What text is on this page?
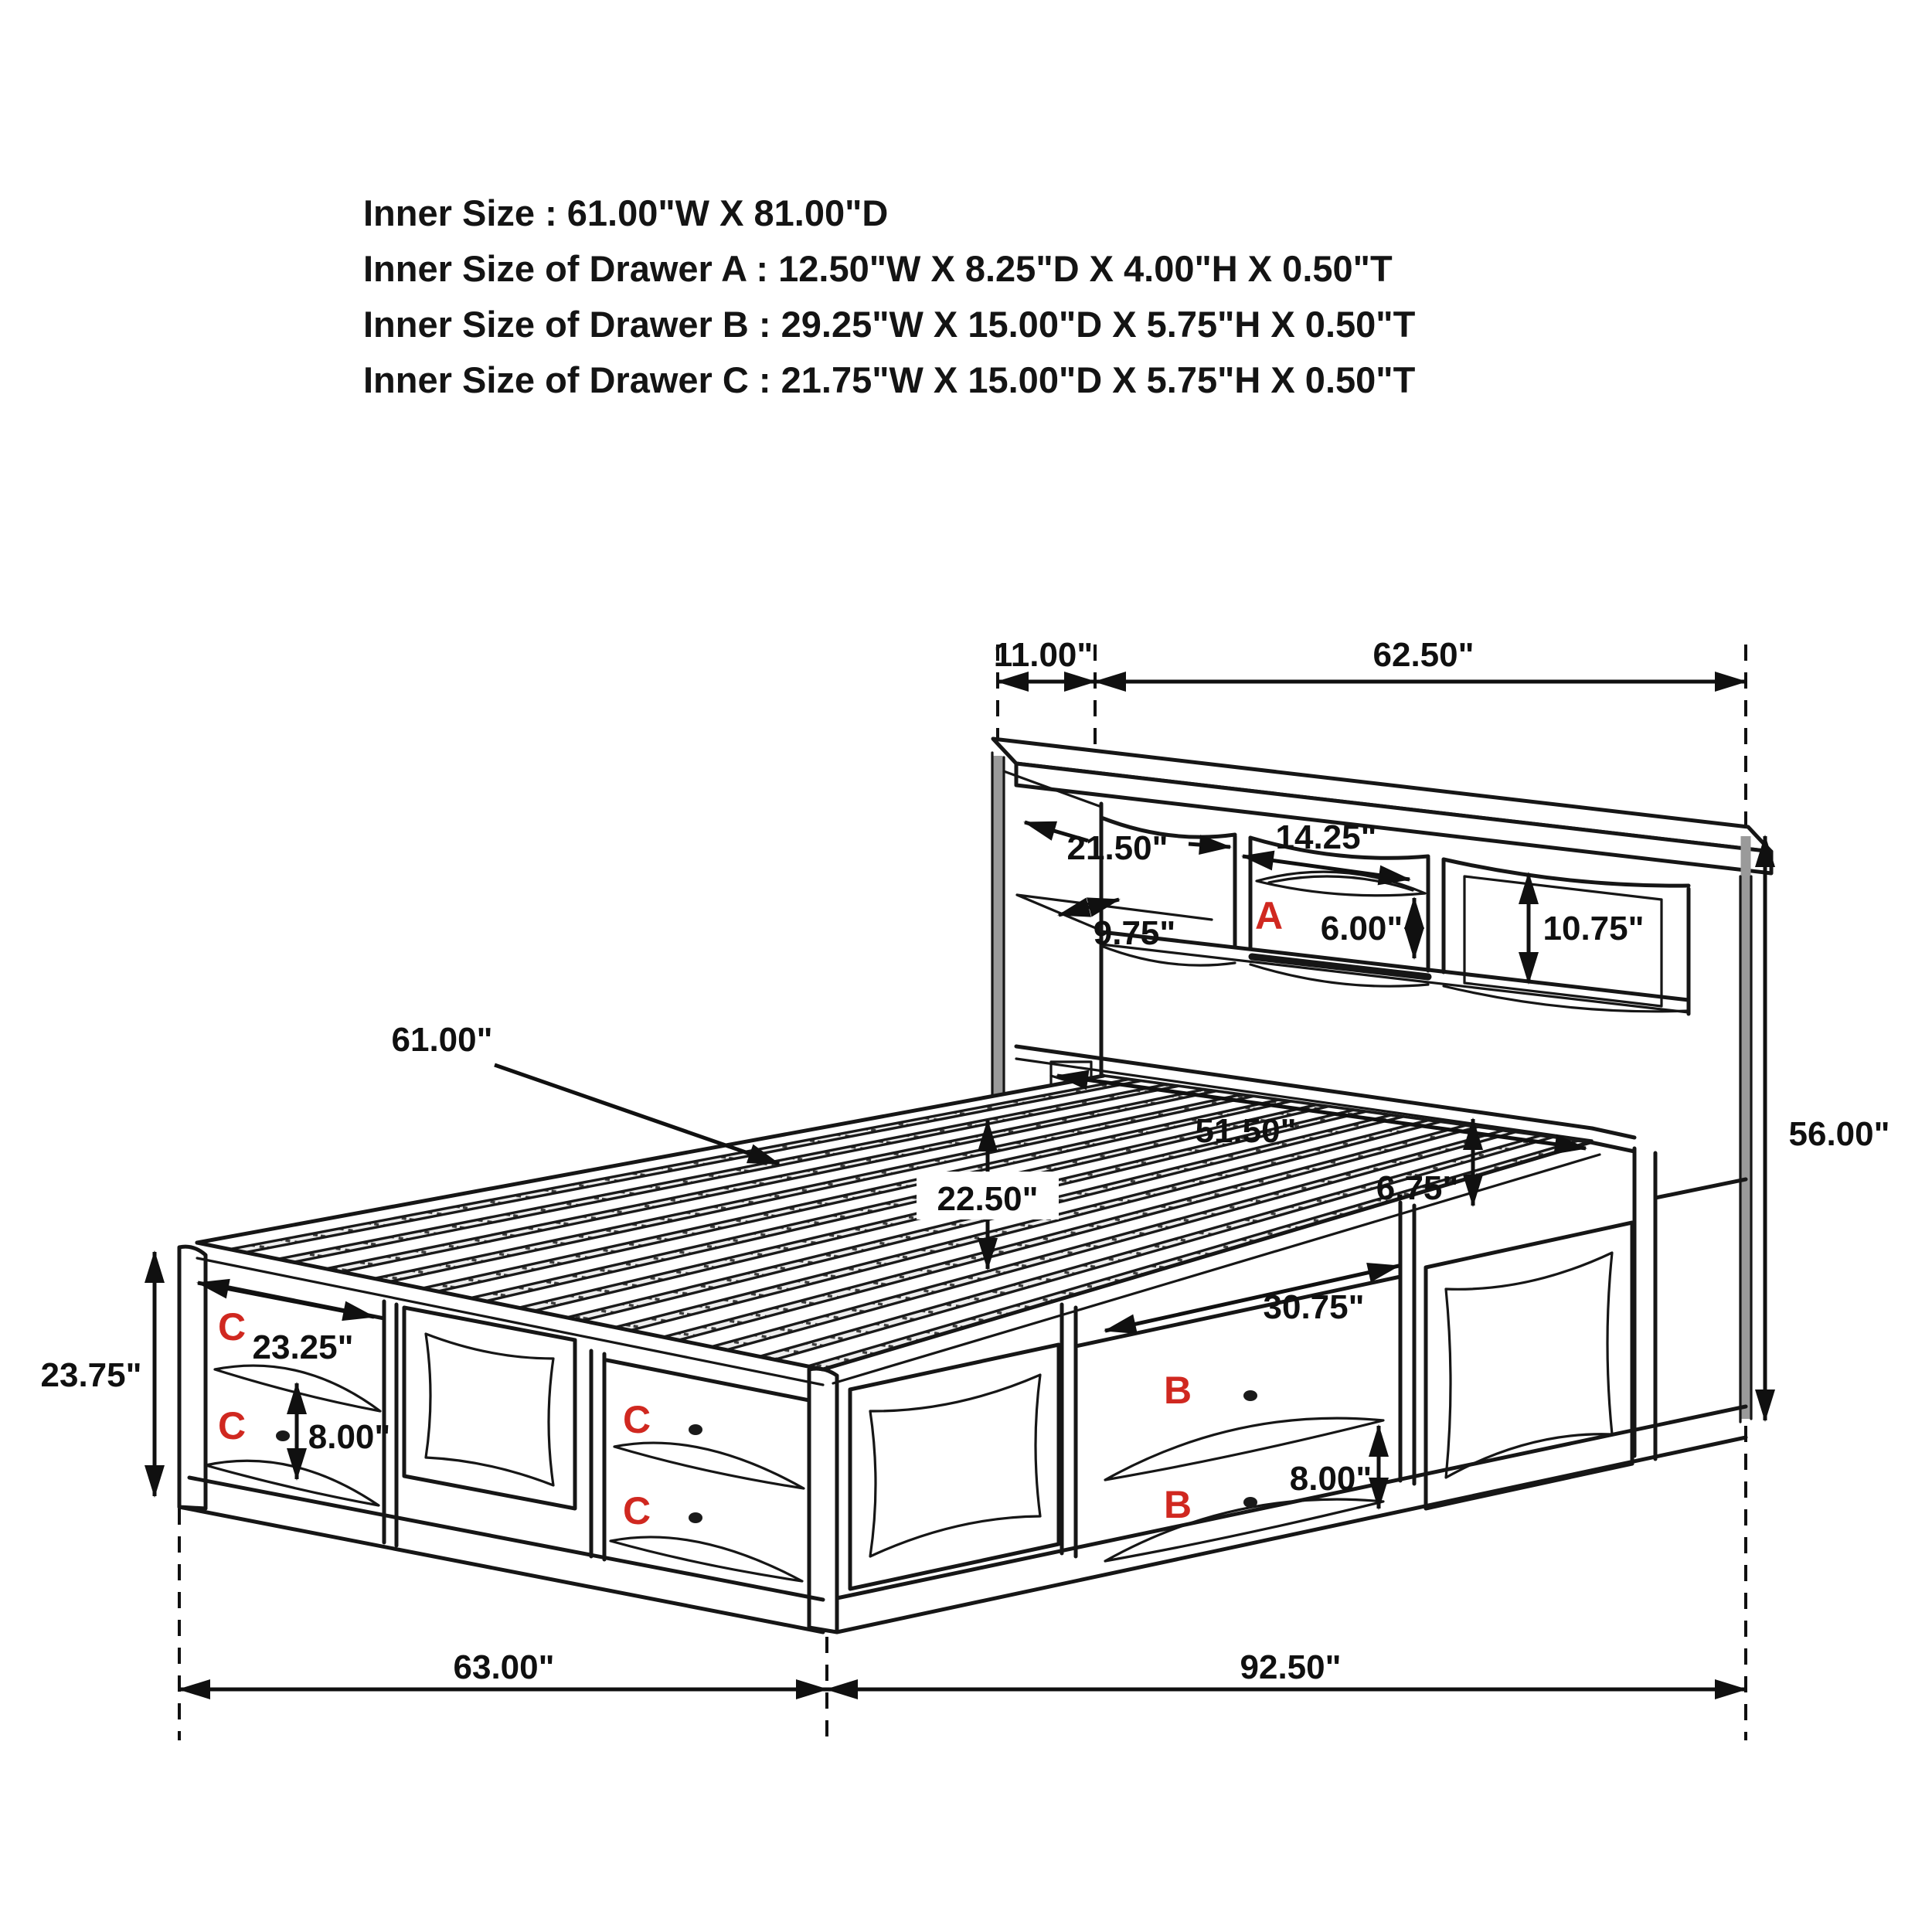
Inner Size : 61.00"W X 81.00"D
Inner Size of Drawer A : 12.50"W X 8.25"D X 4.00"H X 0.50"T
Inner Size of Drawer B : 29.25"W X 15.00"D X 5.75"H X 0.50"T
Inner Size of Drawer C : 21.75"W X 15.00"D X 5.75"H X 0.50"T
11.00"	62.50"
21.50"	14.25"
9.75" A 6.00"	10.75"
56.00"
61.00"
51.50"
6.75"
22.50"
23.75"
23.25"
8.00"
C
C	C
C
30.75"
8.00"
B
B
63.00"	92.50"
